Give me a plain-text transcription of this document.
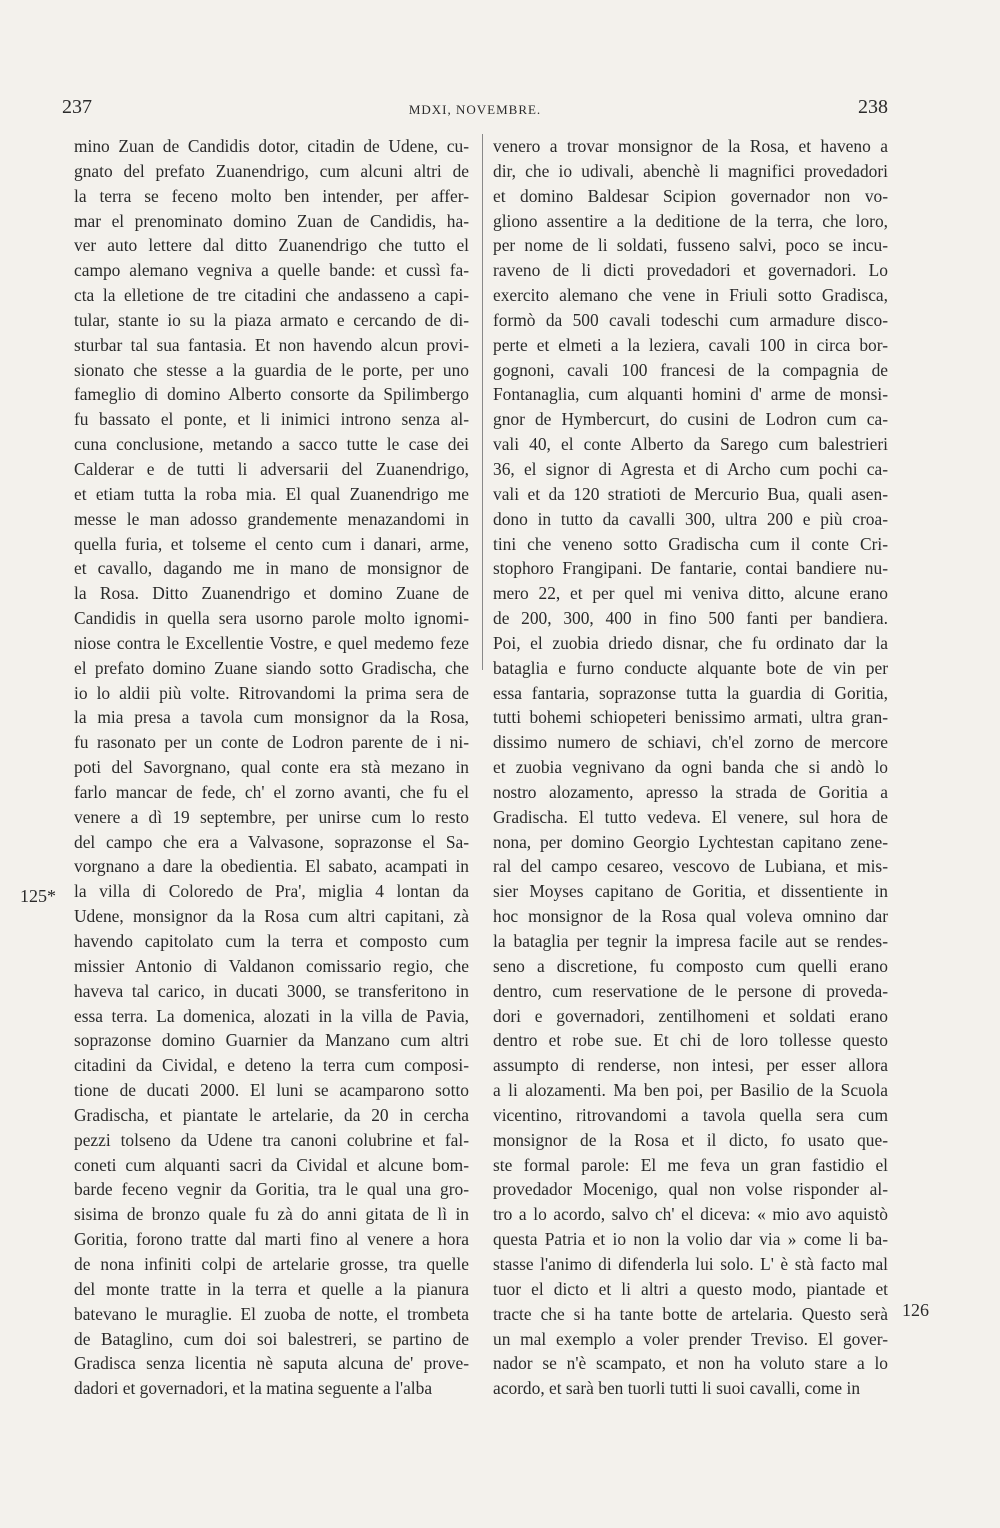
237	MDXI, NOVEMBRE.	238
mino Zuan de Candidis dotor, citadin de Udene, cu-
gnato del prefato Zuanendrigo, cum alcuni altri de
la terra se feceno molto ben intender, per affer-
mar el prenominato domino Zuan de Candidis, ha-
ver auto lettere dal ditto Zuanendrigo che tutto el
campo alemano vegniva a quelle bande: et cussì fa-
cta la elletione de tre citadini che andasseno a capi-
tular, stante io su la piaza armato e cercando de di-
sturbar tal sua fantasia. Et non havendo alcun provi-
sionato che stesse a la guardia de le porte, per uno
fameglio di domino Alberto consorte da Spilimbergo
fu bassato el ponte, et li inimici introno senza al-
cuna conclusione, metando a sacco tutte le case dei
Calderar e de tutti li adversarii del Zuanendrigo,
et etiam tutta la roba mia. El qual Zuanendrigo me
messe le man adosso grandemente menazandomi in
quella furia, et tolseme el cento cum i danari, arme,
et cavallo, dagando me in mano de monsignor de
la Rosa. Ditto Zuanendrigo et domino Zuane de
Candidis in quella sera usorno parole molto ignomi-
niose contra le Excellentie Vostre, e quel medemo feze
el prefato domino Zuane siando sotto Gradischa, che
io lo aldii più volte. Ritrovandomi la prima sera de
la mia presa a tavola cum monsignor da la Rosa,
fu rasonato per un conte de Lodron parente de i ni-
poti del Savorgnano, qual conte era stà mezano in
farlo mancar de fede, ch' el zorno avanti, che fu el
venere a dì 19 septembre, per unirse cum lo resto
del campo che era a Valvasone, soprazonse el Sa-
vorgnano a dare la obedientia. El sabato, acampati in
la villa di Coloredo de Pra', miglia 4 lontan da
Udene, monsignor da la Rosa cum altri capitani, zà
havendo capitolato cum la terra et composto cum
missier Antonio di Valdanon comissario regio, che
haveva tal carico, in ducati 3000, se transferitono in
essa terra. La domenica, alozati in la villa de Pavia,
soprazonse domino Guarnier da Manzano cum altri
citadini da Cividal, e deteno la terra cum composi-
tione de ducati 2000. El luni se acamparono sotto
Gradischa, et piantate le artelarie, da 20 in cercha
pezzi tolseno da Udene tra canoni colubrine et fal-
coneti cum alquanti sacri da Cividal et alcune bom-
barde feceno vegnir da Goritia, tra le qual una gro-
sisima de bronzo quale fu zà do anni gitata de lì in
Goritia, forono tratte dal marti fino al venere a hora
de nona infiniti colpi de artelarie grosse, tra quelle
del monte tratte in la terra et quelle a la pianura
batevano le muraglie. El zuoba de notte, el trombeta
de Bataglino, cum doi soi balestreri, se partino de
Gradisca senza licentia nè saputa alcuna de' prove-
dadori et governadori, et la matina seguente a l'alba
venero a trovar monsignor de la Rosa, et haveno a
dir, che io udivali, abenchè li magnifici provedadori
et domino Baldesar Scipion governador non vo-
gliono assentire a la deditione de la terra, che loro,
per nome de li soldati, fusseno salvi, poco se incu-
raveno de li dicti provedadori et governadori. Lo
exercito alemano che vene in Friuli sotto Gradisca,
formò da 500 cavali todeschi cum armadure disco-
perte et elmeti a la leziera, cavali 100 in circa bor-
gognoni, cavali 100 francesi de la compagnia de
Fontanaglia, cum alquanti homini d' arme de monsi-
gnor de Hymbercurt, do cusini de Lodron cum ca-
vali 40, el conte Alberto da Sarego cum balestrieri
36, el signor di Agresta et di Archo cum pochi ca-
vali et da 120 stratioti de Mercurio Bua, quali asen-
dono in tutto da cavalli 300, ultra 200 e più croa-
tini che veneno sotto Gradischa cum il conte Cri-
stophoro Frangipani. De fantarie, contai bandiere nu-
mero 22, et per quel mi veniva ditto, alcune erano
de 200, 300, 400 in fino 500 fanti per bandiera.
Poi, el zuobia driedo disnar, che fu ordinato dar la
bataglia e furno conducte alquante bote de vin per
essa fantaria, soprazonse tutta la guardia di Goritia,
tutti bohemi schiopeteri benissimo armati, ultra gran-
dissimo numero de schiavi, ch'el zorno de mercore
et zuobia vegnivano da ogni banda che si andò lo
nostro alozamento, apresso la strada de Goritia a
Gradischa. El tutto vedeva. El venere, sul hora de
nona, per domino Georgio Lychtestan capitano zene-
ral del campo cesareo, vescovo de Lubiana, et mis-
sier Moyses capitano de Goritia, et dissentiente in
hoc monsignor de la Rosa qual voleva omnino dar
la bataglia per tegnir la impresa facile aut se rendes-
seno a discretione, fu composto cum quelli erano
dentro, cum reservatione de le persone di proveda-
dori e governadori, zentilhomeni et soldati erano
dentro et robe sue. Et chi de loro tollesse questo
assumpto di renderse, non intesi, per esser allora
a li alozamenti. Ma ben poi, per Basilio de la Scuola
vicentino, ritrovandomi a tavola quella sera cum
monsignor de la Rosa et il dicto, fo usato que-
ste formal parole: El me feva un gran fastidio el
provedador Mocenigo, qual non volse risponder al-
tro a lo acordo, salvo ch' el diceva: « mio avo aquistò
questa Patria et io non la volio dar via » come li ba-
stasse l'animo di difenderla lui solo. L' è stà facto mal
tuor el dicto et li altri a questo modo, piantade et
tracte che si ha tante botte de artelaria. Questo serà
un mal exemplo a voler prender Treviso. El gover-
nador se n'è scampato, et non ha voluto stare a lo
acordo, et sarà ben tuorli tutti li suoi cavalli, come in
125*
126
